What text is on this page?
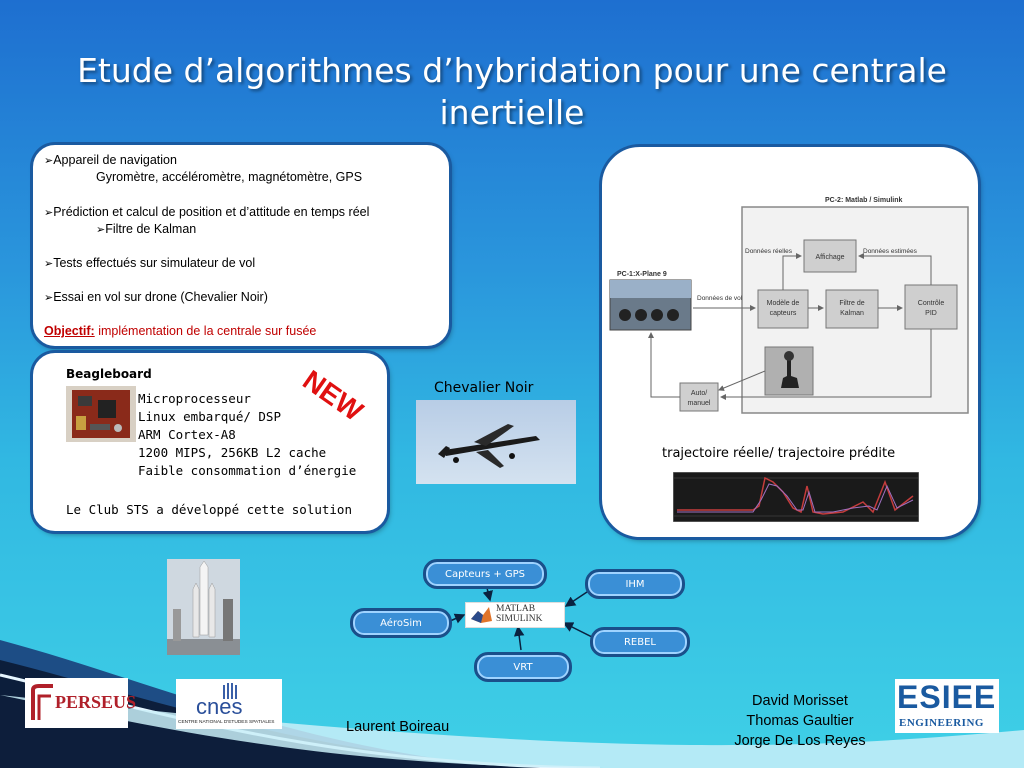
Etude d’algorithmes d’hybridation pour une centrale inertielle
➢Appareil de navigation
Gyromètre, accéléromètre, magnétomètre, GPS
➢Prédiction et calcul de position et d’attitude en temps réel
➢Filtre de Kalman
➢Tests effectués sur simulateur de vol
➢Essai en vol sur drone (Chevalier Noir)
Objectif: implémentation de la centrale sur fusée
Beagleboard
Microprocesseur
Linux embarqué/ DSP
ARM Cortex-A8
1200 MIPS, 256KB L2 cache
Faible consommation d’énergie
Le Club STS a développé cette solution
NEW	Chevalier Noir
PC-2: Matlab / Simulink
PC-1:X-Plane 9
Affichage
Modèle de
capteurs
Filtre de
Kalman
Contrôle
PID
Auto/
manuel
Données réelles	Données estimées
Données de vol
trajectoire réelle/ trajectoire prédite
MATLAB
SIMULINK
Capteurs + GPS
IHM
AéroSim
REBEL
VRT
PERSEUS	cnes
CENTRE NATIONAL D'ETUDES SPATIALES
ESIEE
ENGINEERING
Laurent Boireau
David Morisset
Thomas Gaultier
Jorge De Los Reyes
